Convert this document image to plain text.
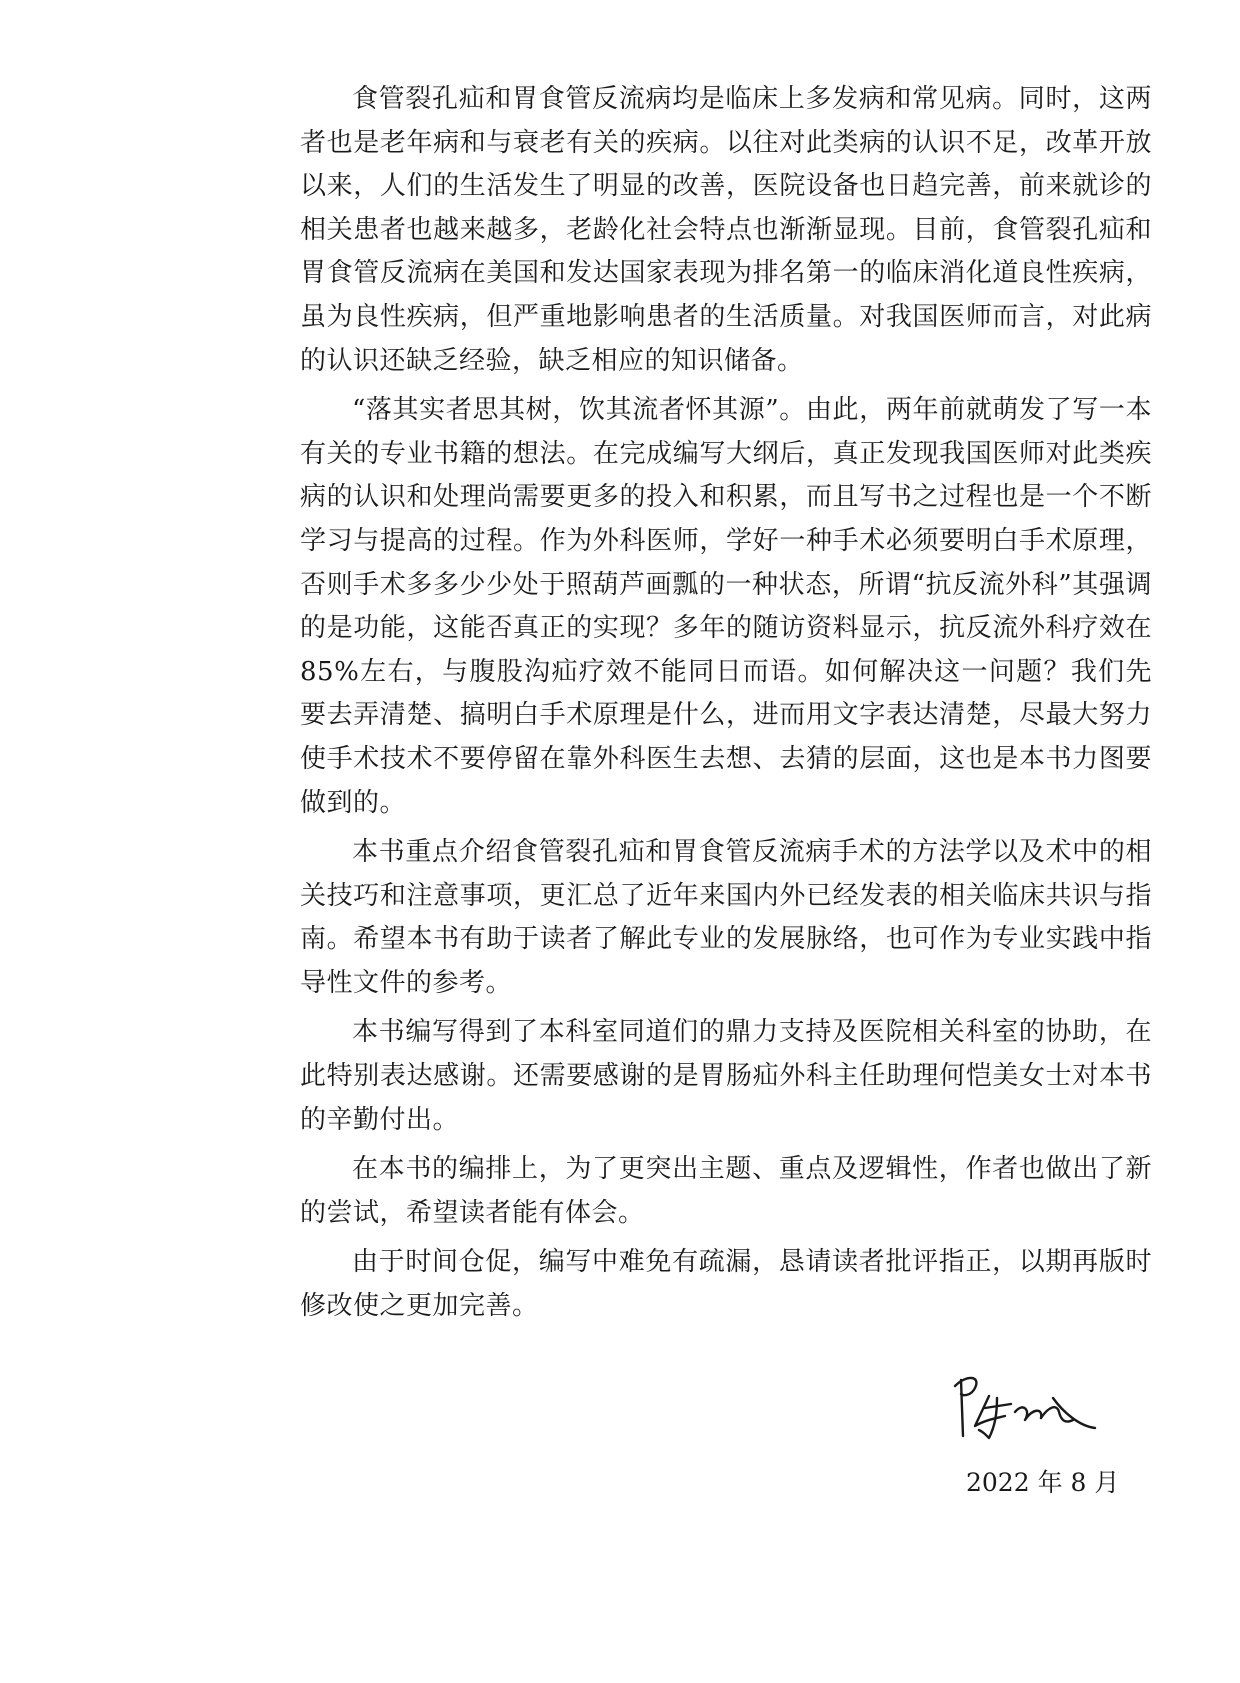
食管裂孔疝和胃食管反流病均是临床上多发病和常见病。同时，这两者也是老年病和与衰老有关的疾病。以往对此类病的认识不足，改革开放以来，人们的生活发生了明显的改善，医院设备也日趋完善，前来就诊的相关患者也越来越多，老龄化社会特点也渐渐显现。目前，食管裂孔疝和胃食管反流病在美国和发达国家表现为排名第一的临床消化道良性疾病，虽为良性疾病，但严重地影响患者的生活质量。对我国医师而言，对此病的认识还缺乏经验，缺乏相应的知识储备。

“落其实者思其树，饮其流者怀其源”。由此，两年前就萌发了写一本有关的专业书籍的想法。在完成编写大纲后，真正发现我国医师对此类疾病的认识和处理尚需要更多的投入和积累，而且写书之过程也是一个不断学习与提高的过程。作为外科医师，学好一种手术必须要明白手术原理，否则手术多多少少处于照葫芦画瓢的一种状态，所谓“抗反流外科”其强调的是功能，这能否真正的实现？多年的随访资料显示，抗反流外科疗效在85%左右，与腹股沟疝疗效不能同日而语。如何解决这一问题？我们先要去弄清楚、搞明白手术原理是什么，进而用文字表达清楚，尽最大努力使手术技术不要停留在靠外科医生去想、去猜的层面，这也是本书力图要做到的。

本书重点介绍食管裂孔疝和胃食管反流病手术的方法学以及术中的相关技巧和注意事项，更汇总了近年来国内外已经发表的相关临床共识与指南。希望本书有助于读者了解此专业的发展脉络，也可作为专业实践中指导性文件的参考。

本书编写得到了本科室同道们的鼎力支持及医院相关科室的协助，在此特别表达感谢。还需要感谢的是胃肠疝外科主任助理何恺美女士对本书的辛勤付出。

在本书的编排上，为了更突出主题、重点及逻辑性，作者也做出了新的尝试，希望读者能有体会。

由于时间仓促，编写中难免有疏漏，恳请读者批评指正，以期再版时修改使之更加完善。

2022 年 8 月
